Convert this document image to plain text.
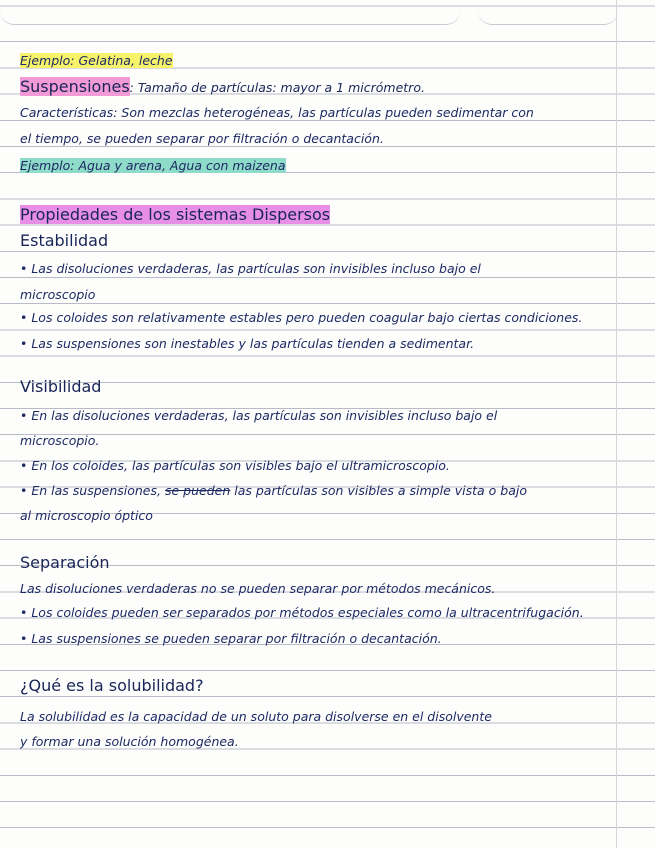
Ejemplo: Gelatina, leche
Suspensiones: Tamaño de partículas: mayor a 1 micrómetro.
Características: Son mezclas heterogéneas, las partículas pueden sedimentar con
el tiempo, se pueden separar por filtración o decantación.
Ejemplo: Agua y arena, Agua con maizena
Propiedades de los sistemas Dispersos
Estabilidad
• Las disoluciones verdaderas, las partículas son invisibles incluso bajo el
microscopio
• Los coloides son relativamente estables pero pueden coagular bajo ciertas condiciones.
• Las suspensiones son inestables y las partículas tienden a sedimentar.
Visibilidad
• En las disoluciones verdaderas, las partículas son invisibles incluso bajo el
microscopio.
• En los coloides, las partículas son visibles bajo el ultramicroscopio.
• En las suspensiones, se pueden las partículas son visibles a simple vista o bajo
al microscopio óptico
Separación
Las disoluciones verdaderas no se pueden separar por métodos mecánicos.
• Los coloides pueden ser separados por métodos especiales como la ultracentrifugación.
• Las suspensiones se pueden separar por filtración o decantación.
¿Qué es la solubilidad?
La solubilidad es la capacidad de un soluto para disolverse en el disolvente
y formar una solución homogénea.
